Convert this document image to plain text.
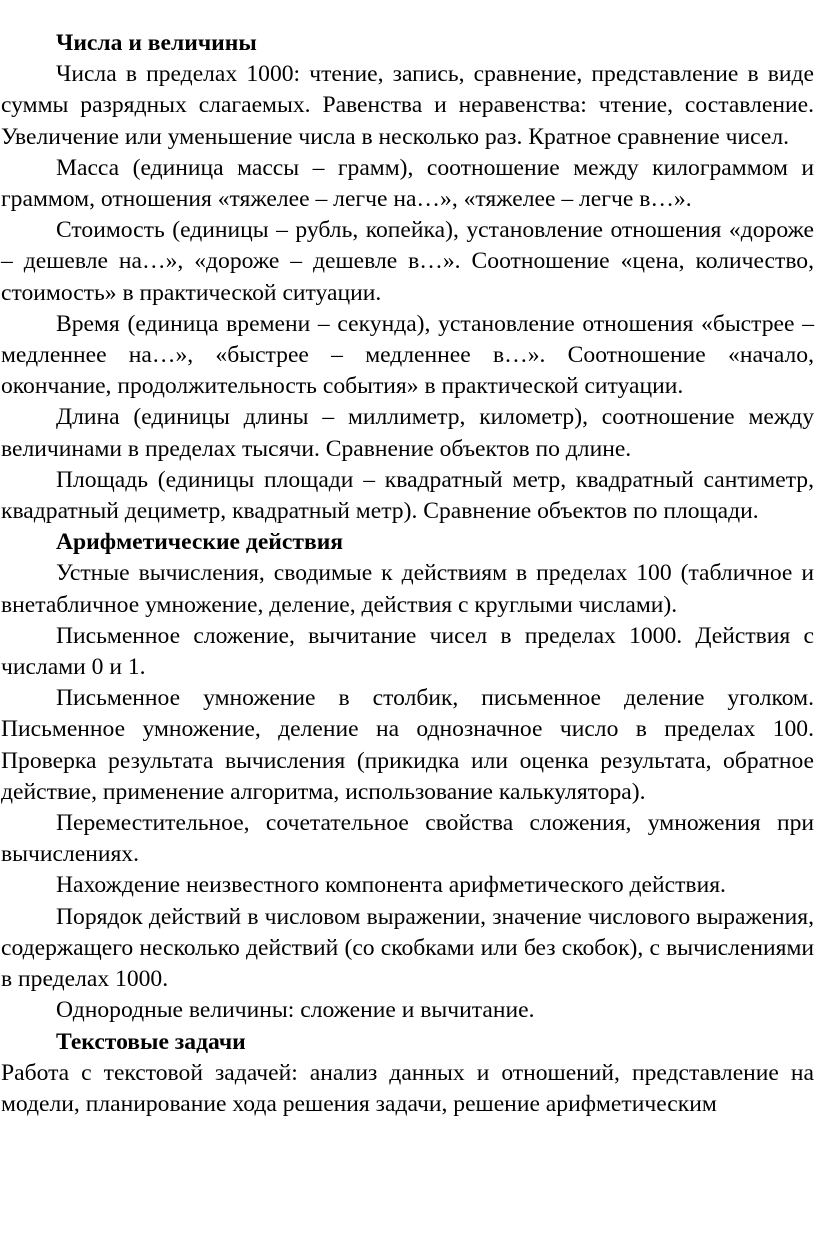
Числа и величины

Числа в пределах 1000: чтение, запись, сравнение, представление в виде суммы разрядных слагаемых. Равенства и неравенства: чтение, составление. Увеличение или уменьшение числа в несколько раз. Кратное сравнение чисел.

Масса (единица массы – грамм), соотношение между килограммом и граммом, отношения «тяжелее – легче на…», «тяжелее – легче в…».

Стоимость (единицы – рубль, копейка), установление отношения «дороже – дешевле на…», «дороже – дешевле в…». Соотношение «цена, количество, стоимость» в практической ситуации.

Время (единица времени – секунда), установление отношения «быстрее – медленнее на…», «быстрее – медленнее в…». Соотношение «начало, окончание, продолжительность события» в практической ситуации.

Длина (единицы длины – миллиметр, километр), соотношение между величинами в пределах тысячи. Сравнение объектов по длине.

Площадь (единицы площади – квадратный метр, квадратный сантиметр, квадратный дециметр, квадратный метр). Сравнение объектов по площади.

Арифметические действия

Устные вычисления, сводимые к действиям в пределах 100 (табличное и внетабличное умножение, деление, действия с круглыми числами).

Письменное сложение, вычитание чисел в пределах 1000. Действия с числами 0 и 1.

Письменное умножение в столбик, письменное деление уголком. Письменное умножение, деление на однозначное число в пределах 100. Проверка результата вычисления (прикидка или оценка результата, обратное действие, применение алгоритма, использование калькулятора).

Переместительное, сочетательное свойства сложения, умножения при вычислениях.

Нахождение неизвестного компонента арифметического действия.

Порядок действий в числовом выражении, значение числового выражения, содержащего несколько действий (со скобками или без скобок), с вычислениями в пределах 1000.

Однородные величины: сложение и вычитание.

Текстовые задачи

Работа с текстовой задачей: анализ данных и отношений, представление на модели, планирование хода решения задачи, решение арифметическим
